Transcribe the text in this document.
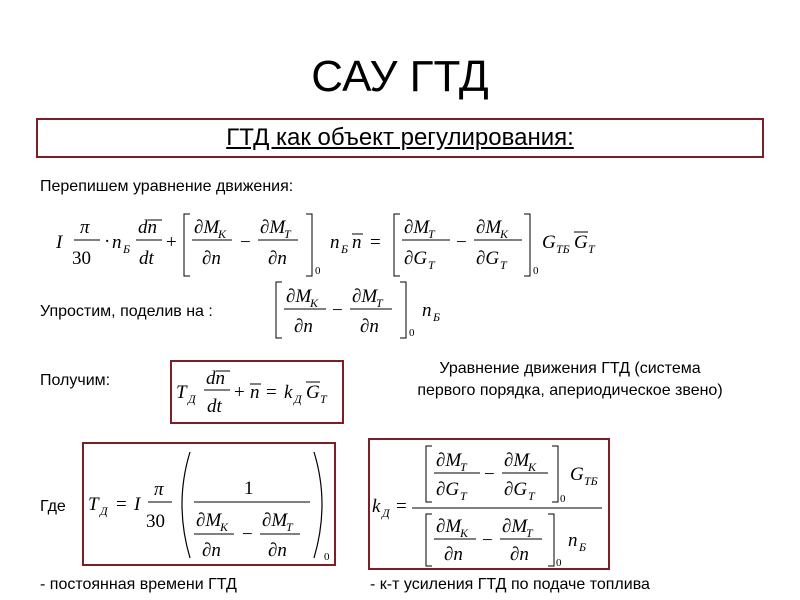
САУ ГТД
ГТД как объект регулирования:
Перепишем уравнение движения:
I
π
30
· n Б
dn
dt
+
∂M
K
∂n
−
∂M
T
∂n
0
n Б n =
∂M
T
∂G T
−
∂M
K
∂G T 0
G TБ G T
Упростим, поделив на :
∂M
K
∂n
−
∂M
T
∂n	0
n Б
Получим:
T Д
dn
dt
+ n = k Д G T
Уравнение движения ГТД (система
первого порядка, апериодическое звено)
Где T Д = I
π
30
1
∂M
K
∂n
−
∂M
T
∂n	0
k Д =
∂M
T
∂G T
−
∂M
K
∂G T 0
G TБ
∂M
K
∂n
−
∂M
T
∂n 0
n Б
- постоянная времени ГТД	- к-т усиления ГТД по подаче топлива
